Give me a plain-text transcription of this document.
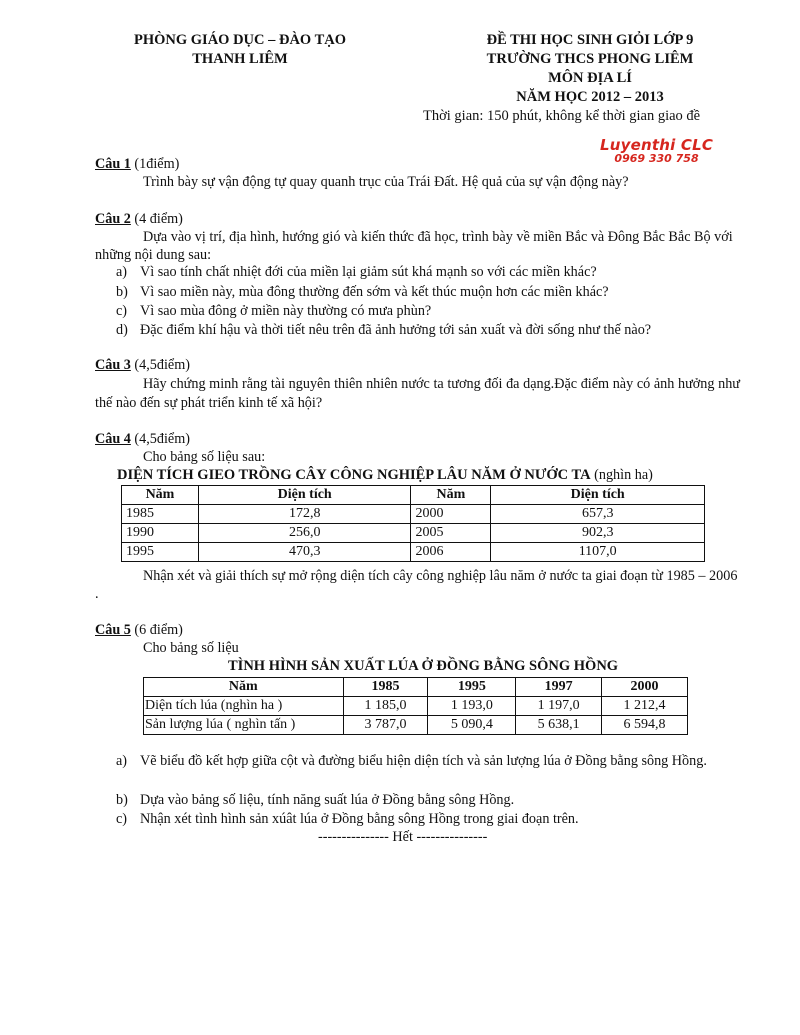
PHÒNG GIÁO DỤC – ĐÀO TẠO
THANH LIÊM
ĐỀ THI HỌC SINH GIỎI LỚP 9
TRƯỜNG THCS PHONG LIÊM
MÔN ĐỊA LÍ
NĂM HỌC 2012 – 2013
Thời gian: 150 phút, không kể thời gian giao đề
Luyenthi CLC
0969 330 758
Câu 1 (1điểm)
Trình bày sự vận động tự quay quanh trục của Trái Đất. Hệ quả của sự vận động này?
Câu 2 (4 điểm)
Dựa vào vị trí, địa hình, hướng gió và kiến thức đã học, trình bày về miền Bắc và Đông Bắc Bắc Bộ với những nội dung sau:
a) Vì sao tính chất nhiệt đới của miền lại giảm sút khá mạnh so với các miền khác?
b) Vì sao miền này, mùa đông thường đến sớm và kết thúc muộn hơn các miền khác?
c) Vì sao mùa đông ở miền này thường có mưa phùn?
d) Đặc điểm khí hậu và thời tiết nêu trên đã ảnh hưởng tới sản xuất và đời sống như thế nào?
Câu 3 (4,5điểm)
Hãy chứng minh rằng tài nguyên thiên nhiên nước ta tương đối đa dạng.Đặc điểm này có ảnh hưởng như thế nào đến sự phát triển kinh tế xã hội?
Câu 4 (4,5điểm)
Cho bảng số liệu sau:
DIỆN TÍCH GIEO TRỒNG CÂY CÔNG NGHIỆP LÂU NĂM Ở NƯỚC TA (nghìn ha)
Năm	Diện tích	Năm	Diện tích
1985	172,8	2000	657,3
1990	256,0	2005	902,3
1995	470,3	2006	1107,0
Nhận xét và giải thích sự mở rộng diện tích cây công nghiệp lâu năm ở nước ta giai đoạn từ 1985 – 2006 .
Câu 5 (6 điểm)
Cho bảng số liệu
TÌNH HÌNH SẢN XUẤT LÚA Ở ĐỒNG BẰNG SÔNG HỒNG
Năm	1985	1995	1997	2000
Diện tích lúa (nghìn ha )	1 185,0	1 193,0	1 197,0	1 212,4
Sản lượng lúa ( nghìn tấn )	3 787,0	5 090,4	5 638,1	6 594,8
a) Vẽ biểu đồ kết hợp giữa cột và đường biểu hiện diện tích và sản lượng lúa ở Đồng bằng sông Hồng.
b) Dựa vào bảng số liệu, tính năng suất lúa ở Đồng bằng sông Hồng.
c) Nhận xét tình hình sản xúât lúa ở Đồng bằng sông Hồng trong giai đoạn trên.
--------------- Hết ---------------
